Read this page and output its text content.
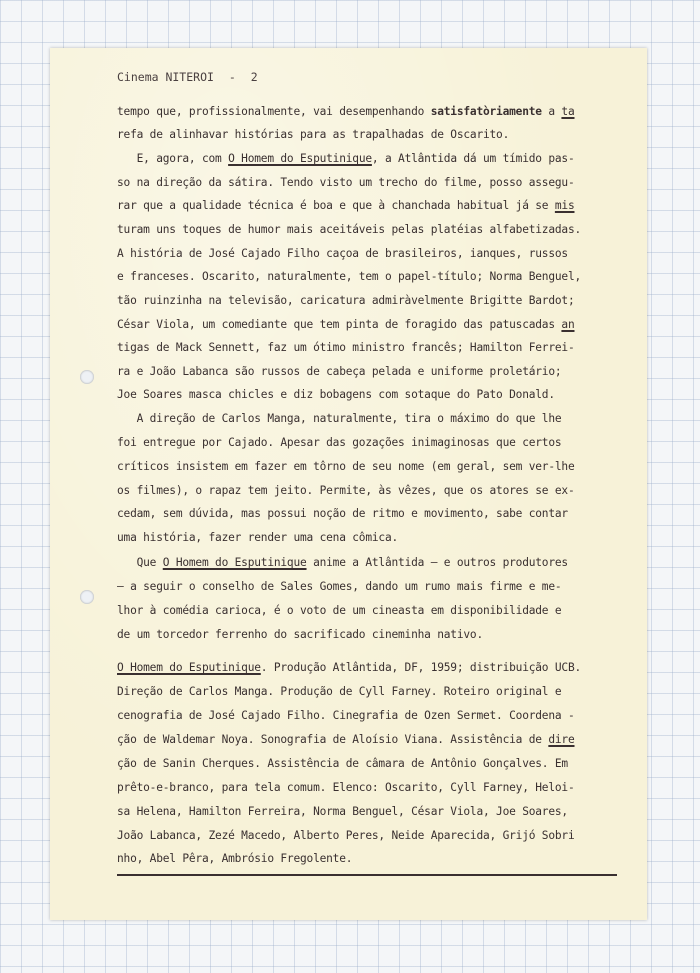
Cinema NITEROI - 2
tempo que, profissionalmente, vai desempenhando satisfatòriamente a ta
refa de alinhavar histórias para as trapalhadas de Oscarito.
E, agora, com O Homem do Esputinique, a Atlântida dá um tímido pas-
so na direção da sátira. Tendo visto um trecho do filme, posso assegu-
rar que a qualidade técnica é boa e que à chanchada habitual já se mis
turam uns toques de humor mais aceitáveis pelas platéias alfabetizadas.
A história de José Cajado Filho caçoa de brasileiros, ianques, russos
e franceses. Oscarito, naturalmente, tem o papel-título; Norma Benguel,
tão ruinzinha na televisão, caricatura admiràvelmente Brigitte Bardot;
César Viola, um comediante que tem pinta de foragido das patuscadas an
tigas de Mack Sennett, faz um ótimo ministro francês; Hamilton Ferrei-
ra e João Labanca são russos de cabeça pelada e uniforme proletário;
Joe Soares masca chicles e diz bobagens com sotaque do Pato Donald.
A direção de Carlos Manga, naturalmente, tira o máximo do que lhe
foi entregue por Cajado. Apesar das gozações inimaginosas que certos
críticos insistem em fazer em tôrno de seu nome (em geral, sem ver-lhe
os filmes), o rapaz tem jeito. Permite, às vêzes, que os atores se ex-
cedam, sem dúvida, mas possui noção de ritmo e movimento, sabe contar
uma história, fazer render uma cena cômica.
Que O Homem do Esputinique anime a Atlântida — e outros produtores
— a seguir o conselho de Sales Gomes, dando um rumo mais firme e me-
lhor à comédia carioca, é o voto de um cineasta em disponibilidade e
de um torcedor ferrenho do sacrificado cineminha nativo.
O Homem do Esputinique. Produção Atlântida, DF, 1959; distribuição UCB.
Direção de Carlos Manga. Produção de Cyll Farney. Roteiro original e
cenografia de José Cajado Filho. Cinegrafia de Ozen Sermet. Coordena -
ção de Waldemar Noya. Sonografia de Aloísio Viana. Assistência de dire
ção de Sanin Cherques. Assistência de câmara de Antônio Gonçalves. Em
prêto-e-branco, para tela comum. Elenco: Oscarito, Cyll Farney, Heloi-
sa Helena, Hamilton Ferreira, Norma Benguel, César Viola, Joe Soares,
João Labanca, Zezé Macedo, Alberto Peres, Neide Aparecida, Grijó Sobri
nho, Abel Pêra, Ambrósio Fregolente.
